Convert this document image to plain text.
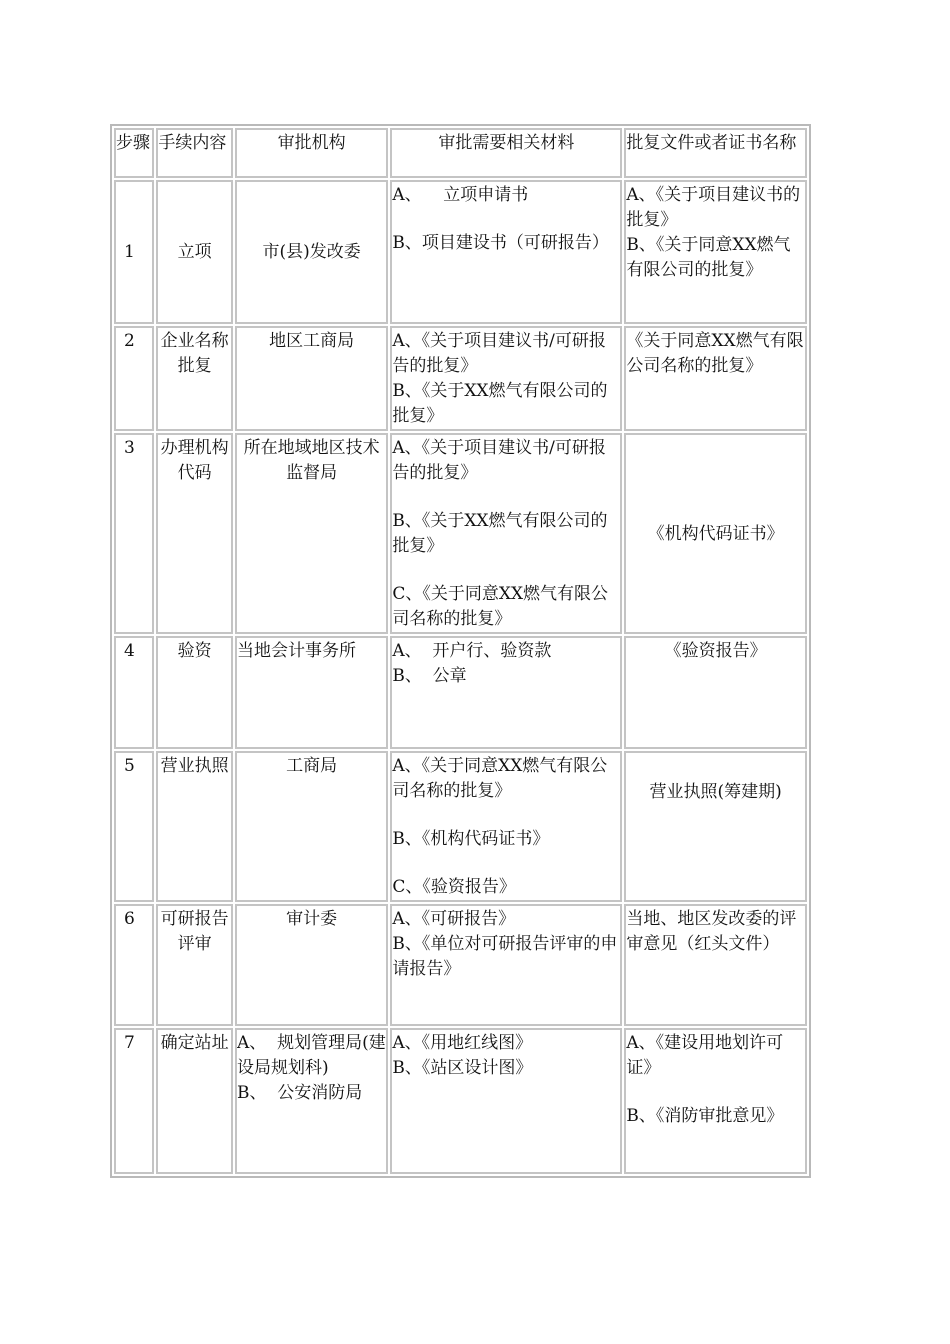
步骤	手续内容	审批机构	审批需要相关材料	批复文件或者证书名称
1	立项	市(县)发改委	A、    立项申请书
B、项目建设书（可研报告）	A、《关于项目建议书的批复》
B、《关于同意XX燃气有限公司的批复》

2	企业名称批复	地区工商局	A、《关于项目建议书/可研报告的批复》
B、《关于XX燃气有限公司的批复》	《关于同意XX燃气有限公司名称的批复》

3	办理机构代码	所在地域地区技术监督局	A、《关于项目建议书/可研报告的批复》
B、《关于XX燃气有限公司的批复》
C、《关于同意XX燃气有限公司名称的批复》	《机构代码证书》

4	验资	当地会计事务所	A、  开户行、验资款
B、  公章	《验资报告》

5	营业执照	工商局	A、《关于同意XX燃气有限公司名称的批复》
B、《机构代码证书》
C、《验资报告》	营业执照(筹建期)

6	可研报告评审	审计委	A、《可研报告》
B、《单位对可研报告评审的申请报告》	当地、地区发改委的评审意见（红头文件）

7	确定站址	A、  规划管理局(建设局规划科)
B、  公安消防局	A、《用地红线图》
B、《站区设计图》	A、《建设用地划许可证》
B、《消防审批意见》
